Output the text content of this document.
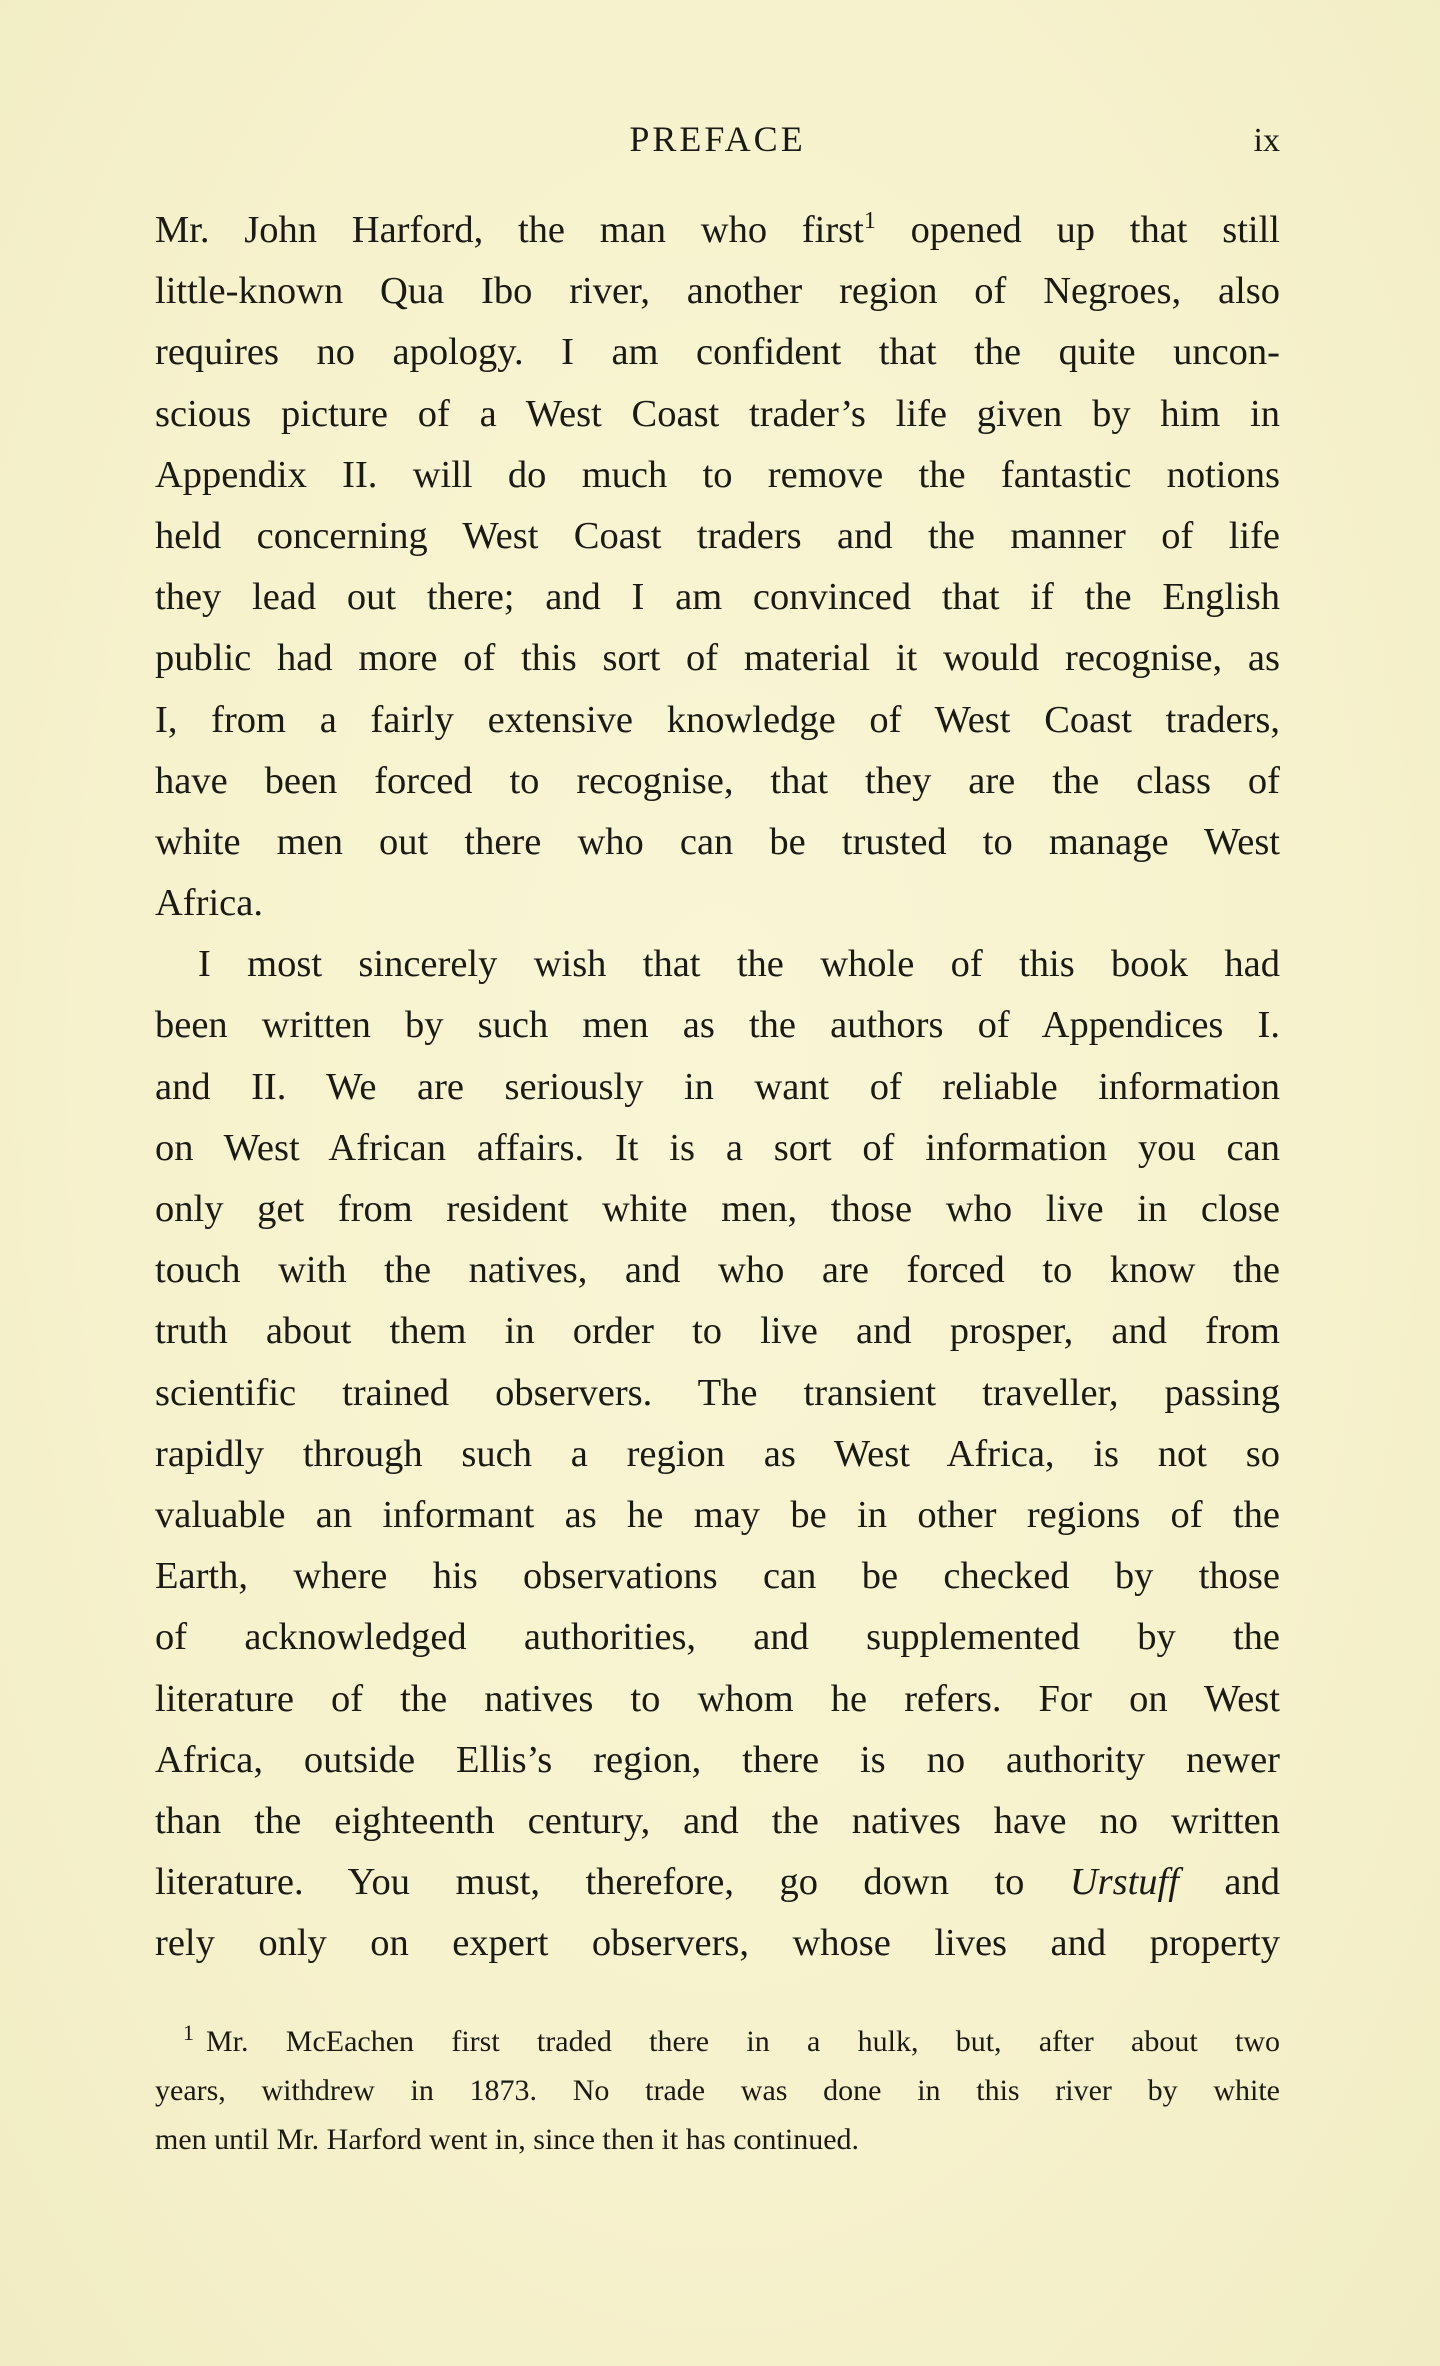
PREFACE	ix
Mr. John Harford, the man who first$^1$ opened up that still
little-known Qua Ibo river, another region of Negroes, also
requires no apology. I am confident that the quite uncon-
scious picture of a West Coast trader’s life given by him in
Appendix II. will do much to remove the fantastic notions
held concerning West Coast traders and the manner of life
they lead out there; and I am convinced that if the English
public had more of this sort of material it would recognise, as
I, from a fairly extensive knowledge of West Coast traders,
have been forced to recognise, that they are the class of
white men out there who can be trusted to manage West
Africa.
I most sincerely wish that the whole of this book had
been written by such men as the authors of Appendices I.
and II. We are seriously in want of reliable information
on West African affairs. It is a sort of information you can
only get from resident white men, those who live in close
touch with the natives, and who are forced to know the
truth about them in order to live and prosper, and from
scientific trained observers. The transient traveller, passing
rapidly through such a region as West Africa, is not so
valuable an informant as he may be in other regions of the
Earth, where his observations can be checked by those
of acknowledged authorities, and supplemented by the
literature of the natives to whom he refers. For on West
Africa, outside Ellis’s region, there is no authority newer
than the eighteenth century, and the natives have no written
literature. You must, therefore, go down to Urstuff and
rely only on expert observers, whose lives and property
$^1$ Mr. McEachen first traded there in a hulk, but, after about two
years, withdrew in 1873. No trade was done in this river by white
men until Mr. Harford went in, since then it has continued.
